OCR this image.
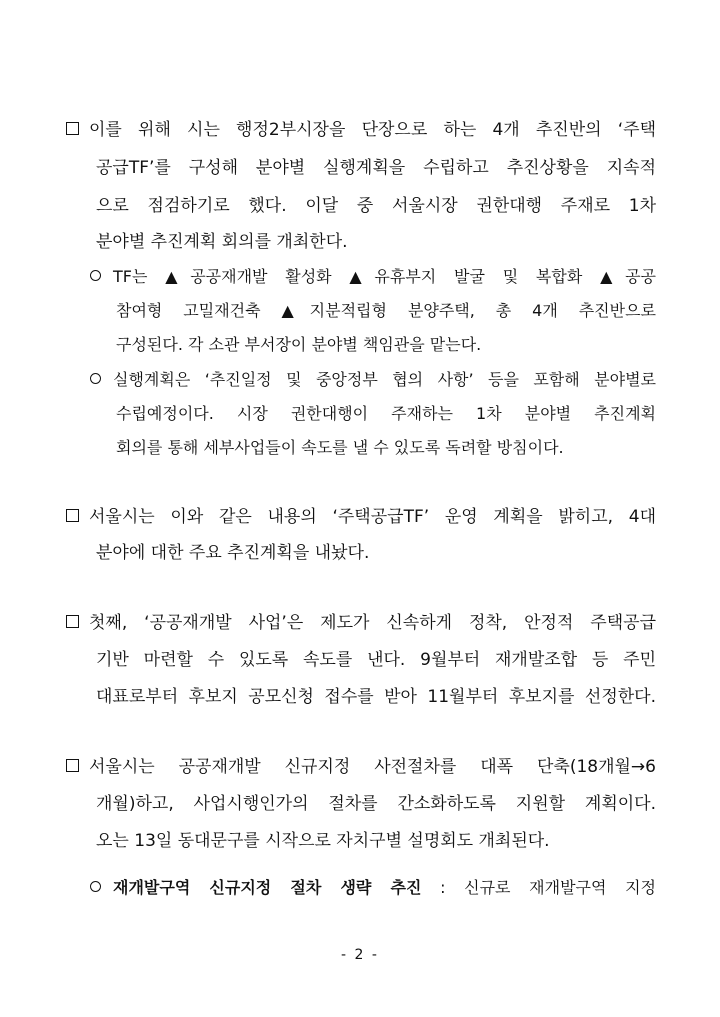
이를 위해 시는 행정2부시장을 단장으로 하는 4개 추진반의 ‘주택
공급TF’를 구성해 분야별 실행계획을 수립하고 추진상황을 지속적
으로 점검하기로 했다. 이달 중 서울시장 권한대행 주재로 1차
분야별 추진계획 회의를 개최한다.
TF는 ▲공공재개발 활성화 ▲유휴부지 발굴 및 복합화 ▲공공
참여형 고밀재건축 ▲지분적립형 분양주택, 총 4개 추진반으로
구성된다. 각 소관 부서장이 분야별 책임관을 맡는다.
실행계획은 ‘추진일정 및 중앙정부 협의 사항’ 등을 포함해 분야별로
수립예정이다. 시장 권한대행이 주재하는 1차 분야별 추진계획
회의를 통해 세부사업들이 속도를 낼 수 있도록 독려할 방침이다.
서울시는 이와 같은 내용의 ‘주택공급TF’ 운영 계획을 밝히고, 4대
분야에 대한 주요 추진계획을 내놨다.
첫째, ‘공공재개발 사업’은 제도가 신속하게 정착, 안정적 주택공급
기반 마련할 수 있도록 속도를 낸다. 9월부터 재개발조합 등 주민
대표로부터 후보지 공모신청 접수를 받아 11월부터 후보지를 선정한다.
서울시는 공공재개발 신규지정 사전절차를 대폭 단축(18개월→6
개월)하고, 사업시행인가의 절차를 간소화하도록 지원할 계획이다.
오는 13일 동대문구를 시작으로 자치구별 설명회도 개최된다.
재개발구역 신규지정 절차 생략 추진 : 신규로 재개발구역 지정
- 2 -
